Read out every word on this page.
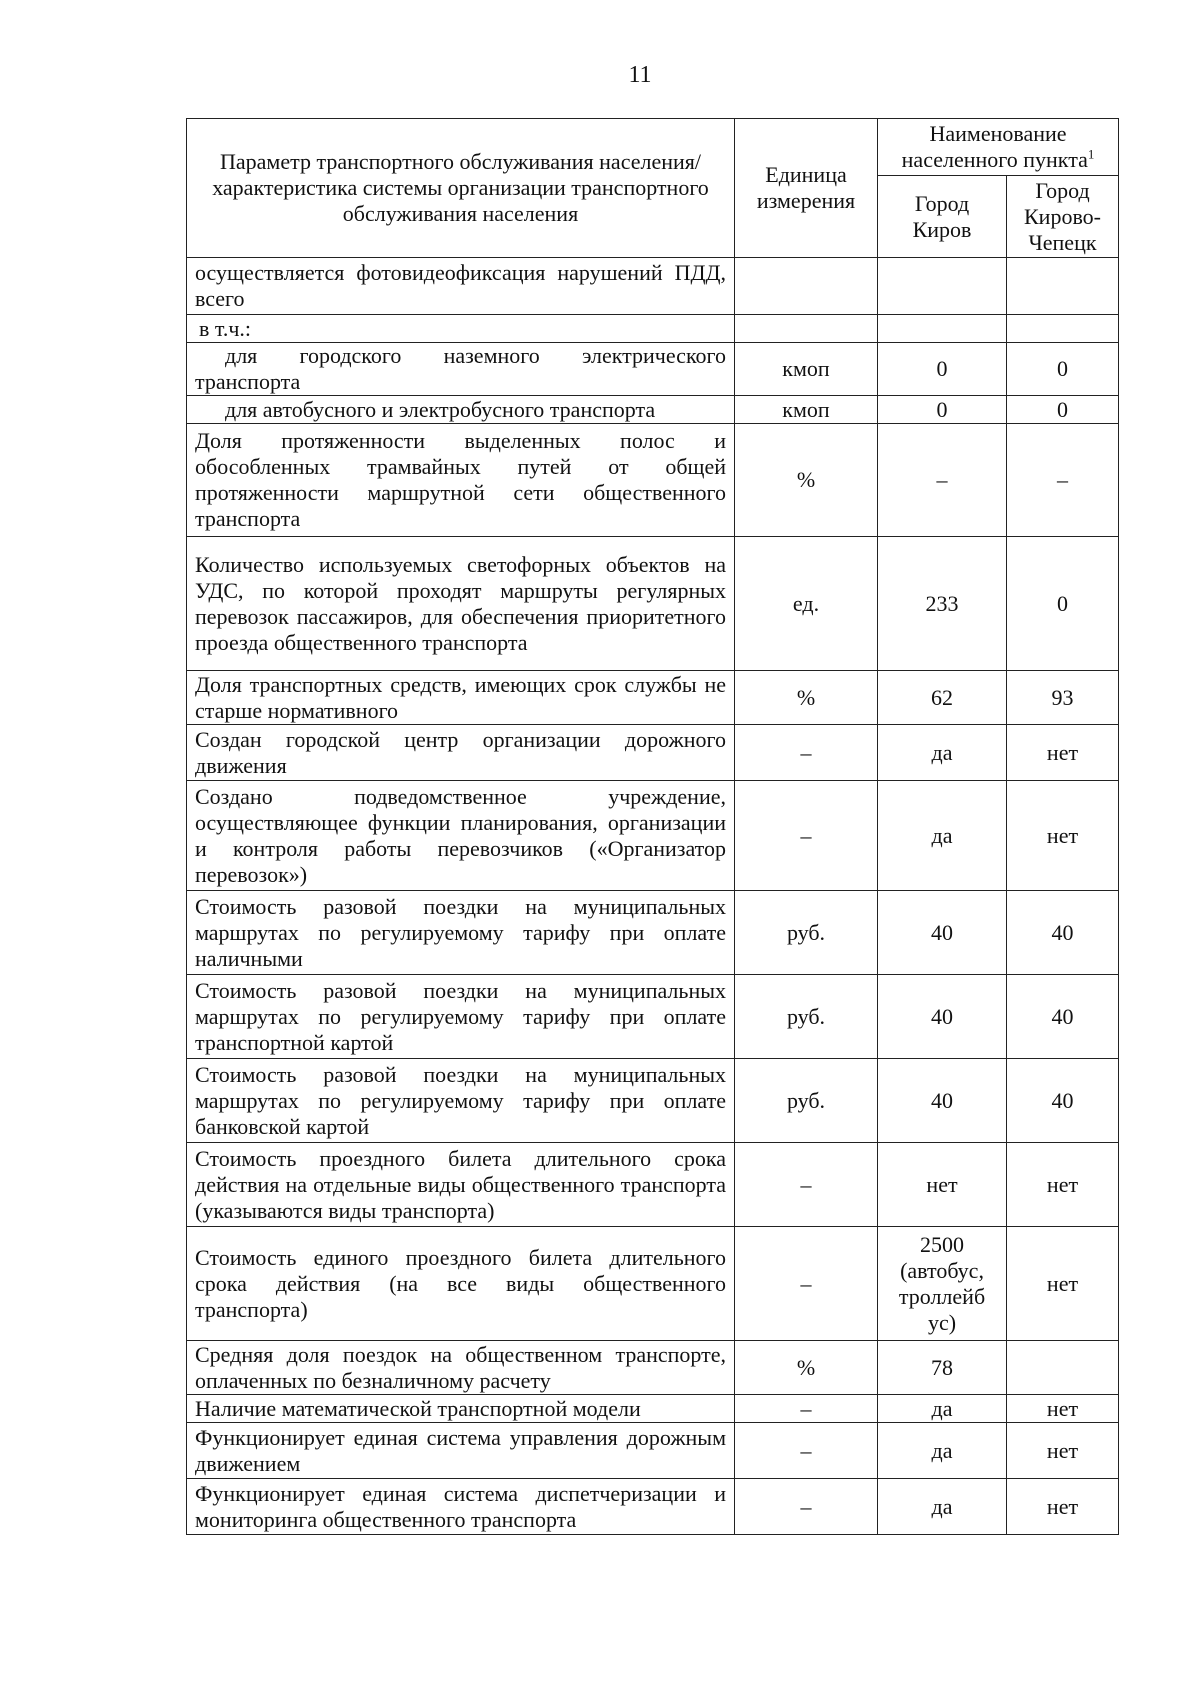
11
Параметр транспортного обслуживания населения/ характеристика системы организации транспортного обслуживания населения	Единица измерения	Наименование населенного пункта$^1$
		Город Киров	Город Кирово-Чепецк
осуществляется фотовидеофиксация нарушений ПДД, всего			
в т.ч.:			
для городского наземного электрического транспорта	кмоп	0	0
для автобусного и электробусного транспорта	кмоп	0	0
Доля протяженности выделенных полос и обособленных трамвайных путей от общей протяженности маршрутной сети общественного транспорта	%	–	–
Количество используемых светофорных объектов на УДС, по которой проходят маршруты регулярных перевозок пассажиров, для обеспечения приоритетного проезда общественного транспорта	ед.	233	0
Доля транспортных средств, имеющих срок службы не старше нормативного	%	62	93
Создан городской центр организации дорожного движения	–	да	нет
Создано подведомственное учреждение, осуществляющее функции планирования, организации и контроля работы перевозчиков («Организатор перевозок»)	–	да	нет
Стоимость разовой поездки на муниципальных маршрутах по регулируемому тарифу при оплате наличными	руб.	40	40
Стоимость разовой поездки на муниципальных маршрутах по регулируемому тарифу при оплате транспортной картой	руб.	40	40
Стоимость разовой поездки на муниципальных маршрутах по регулируемому тарифу при оплате банковской картой	руб.	40	40
Стоимость проездного билета длительного срока действия на отдельные виды общественного транспорта (указываются виды транспорта)	–	нет	нет
Стоимость единого проездного билета длительного срока действия (на все виды общественного транспорта)	–	2500 (автобус, троллейб ус)	нет
Средняя доля поездок на общественном транспорте, оплаченных по безналичному расчету	%	78	
Наличие математической транспортной модели	–	да	нет
Функционирует единая система управления дорожным движением	–	да	нет
Функционирует единая система диспетчеризации и мониторинга общественного транспорта	–	да	нет
